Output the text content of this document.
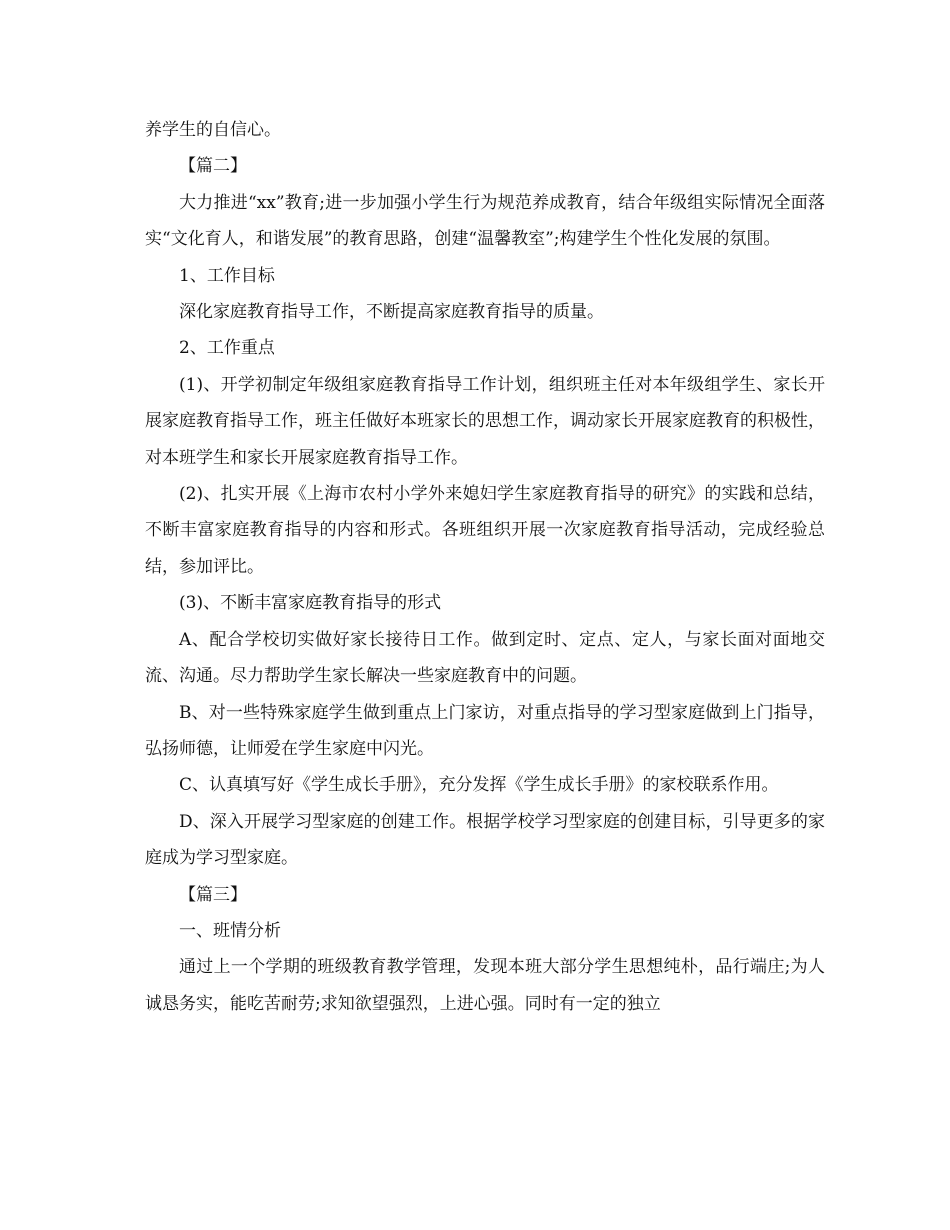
养学生的自信心。

【篇二】

大力推进“xx”教育;进一步加强小学生行为规范养成教育，结合年级组实际情况全面落实“文化育人，和谐发展”的教育思路，创建“温馨教室”;构建学生个性化发展的氛围。

1、工作目标

深化家庭教育指导工作，不断提高家庭教育指导的质量。

2、工作重点

(1)、开学初制定年级组家庭教育指导工作计划，组织班主任对本年级组学生、家长开展家庭教育指导工作，班主任做好本班家长的思想工作，调动家长开展家庭教育的积极性，对本班学生和家长开展家庭教育指导工作。

(2)、扎实开展《上海市农村小学外来媳妇学生家庭教育指导的研究》的实践和总结，不断丰富家庭教育指导的内容和形式。各班组织开展一次家庭教育指导活动，完成经验总结，参加评比。

(3)、不断丰富家庭教育指导的形式

A、配合学校切实做好家长接待日工作。做到定时、定点、定人，与家长面对面地交流、沟通。尽力帮助学生家长解决一些家庭教育中的问题。

B、对一些特殊家庭学生做到重点上门家访，对重点指导的学习型家庭做到上门指导，弘扬师德，让师爱在学生家庭中闪光。

C、认真填写好《学生成长手册》，充分发挥《学生成长手册》的家校联系作用。

D、深入开展学习型家庭的创建工作。根据学校学习型家庭的创建目标，引导更多的家庭成为学习型家庭。

【篇三】

一、班情分析

通过上一个学期的班级教育教学管理，发现本班大部分学生思想纯朴，品行端庄;为人诚恳务实，能吃苦耐劳;求知欲望强烈，上进心强。同时有一定的独立
